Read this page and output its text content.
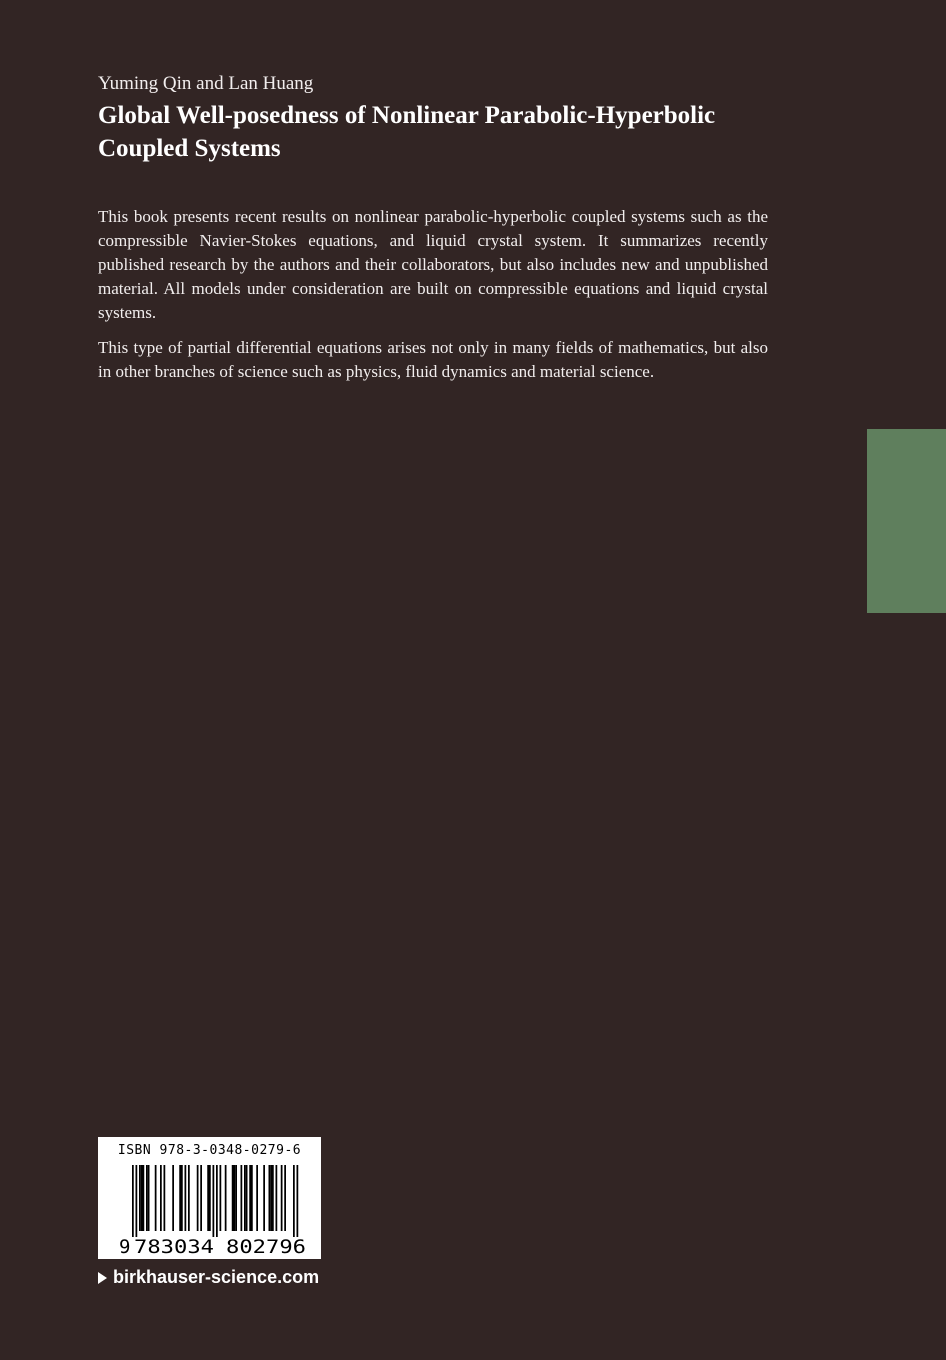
Yuming Qin and Lan Huang
Global Well-posedness of Nonlinear Parabolic-Hyperbolic Coupled Systems

This book presents recent results on nonlinear parabolic-hyperbolic coupled systems such as the compressible Navier-Stokes equations, and liquid crystal system. It summarizes recently published research by the authors and their collaborators, but also includes new and unpublished material. All models under consideration are built on compressible equations and liquid crystal systems.

This type of partial differential equations arises not only in many fields of mathematics, but also in other branches of science such as physics, fluid dynamics and material science.

ISBN 978-3-0348-0279-6
9 783034 802796
birkhauser-science.com
